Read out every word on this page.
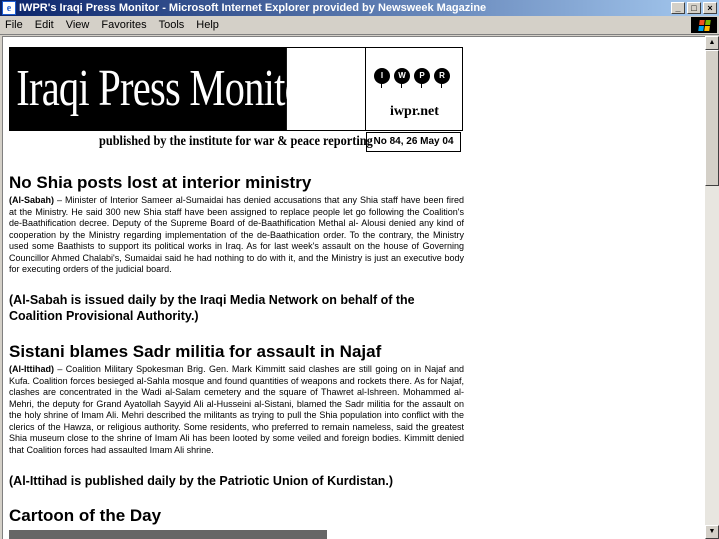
e IWPR's Iraqi Press Monitor - Microsoft Internet Explorer provided by Newsweek Magazine	_	□	×
File	Edit	View	Favorites	Tools	Help
Iraqi Press Monitor	I	W	P	R
iwpr.net
published by the institute for war & peace reporting No 84, 26 May 04
No Shia posts lost at interior ministry
(Al-Sabah) – Minister of Interior Sameer al-Sumaidai has denied accusations that any Shia staff have been fired at the Ministry. He said 300 new Shia staff have been assigned to replace people let go following the Coalition's de-Baathification decree. Deputy of the Supreme Board of de-Baathification Methal al- Alousi denied any kind of cooperation by the Ministry regarding implementation of the de-Baathication order. To the contrary, the Ministry used some Baathists to support its political works in Iraq. As for last week's assault on the house of Governing Councillor Ahmed Chalabi's, Sumaidai said he had nothing to do with it, and the Ministry is just an executive body for executing orders of the judicial board.
(Al-Sabah is issued daily by the Iraqi Media Network on behalf of the Coalition Provisional Authority.)
Sistani blames Sadr militia for assault in Najaf
(Al-Ittihad) – Coalition Military Spokesman Brig. Gen. Mark Kimmitt said clashes are still going on in Najaf and Kufa. Coalition forces besieged al-Sahla mosque and found quantities of weapons and rockets there. As for Najaf, clashes are concentrated in the Wadi al-Salam cemetery and the square of Thawret al-Ishreen. Mohammed al-Mehri, the deputy for Grand Ayatollah Sayyid Ali al-Husseini al-Sistani, blamed the Sadr militia for the assault on the holy shrine of Imam Ali. Mehri described the militants as trying to pull the Shia population into conflict with the clerics of the Hawza, or religious authority. Some residents, who preferred to remain nameless, said the greatest Shia museum close to the shrine of Imam Ali has been looted by some veiled and foreign bodies. Kimmitt denied that Coalition forces had assaulted Imam Ali shrine.
(Al-Ittihad is published daily by the Patriotic Union of Kurdistan.)
Cartoon of the Day
▲
▼
